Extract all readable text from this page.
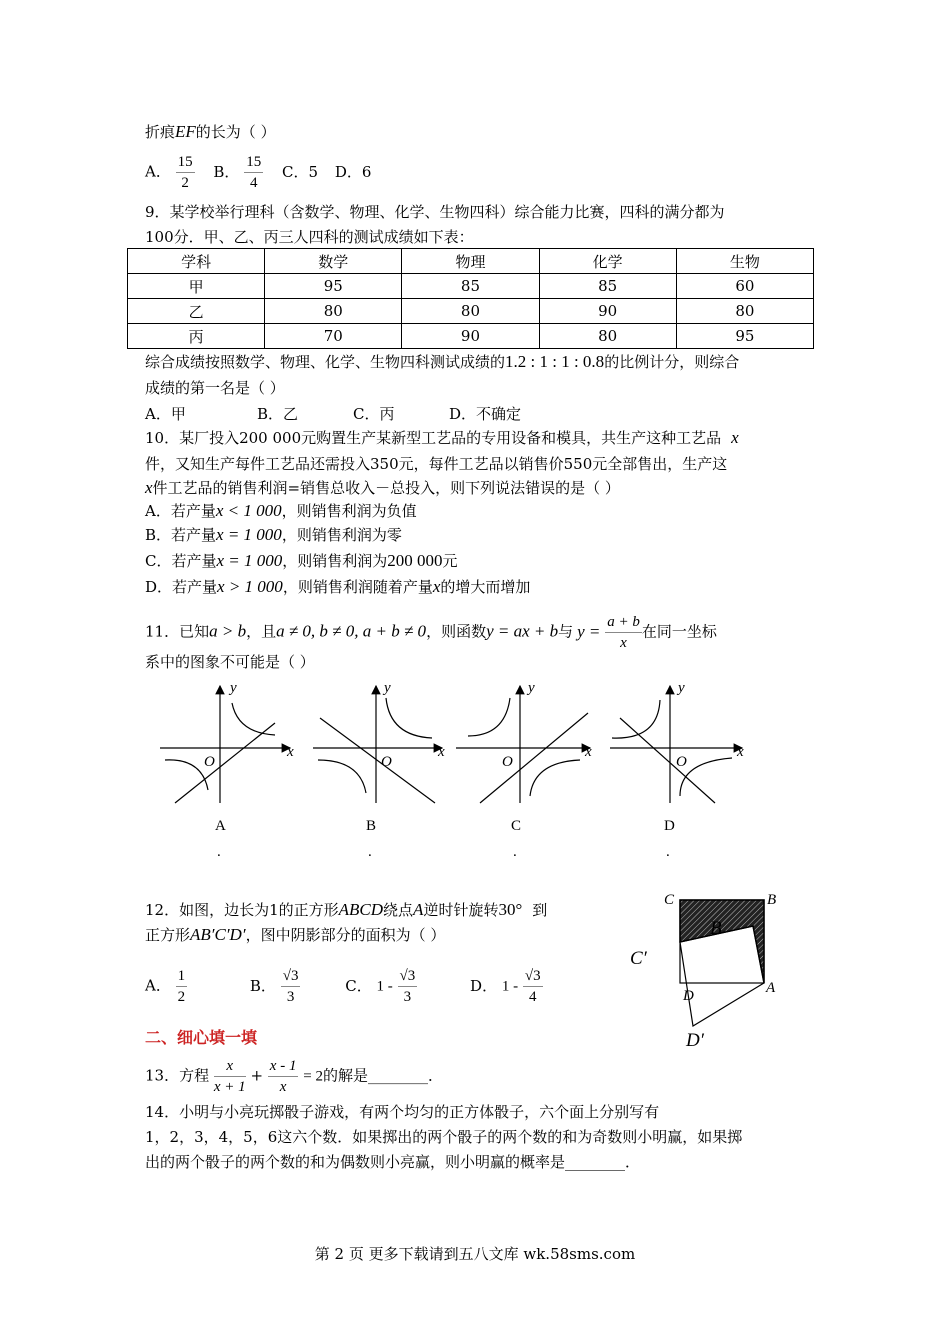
折痕EF的长为（ ）
A． $\frac{15}{2}$ B． $\frac{15}{4}$ C．5 D．6
9．某学校举行理科（含数学、物理、化学、生物四科）综合能力比赛，四科的满分都为
100分．甲、乙、丙三人四科的测试成绩如下表：
学科	数学	物理	化学	生物
甲	95	85	85	60
乙	80	80	90	80
丙	70	90	80	95
综合成绩按照数学、物理、化学、生物四科测试成绩的1.2 : 1 : 1 : 0.8的比例计分，则综合
成绩的第一名是（ ）
A．甲	B．乙	C．丙	D．不确定
10．某厂投入200 000元购置生产某新型工艺品的专用设备和模具，共生产这种工艺品 x
件，又知生产每件工艺品还需投入350元，每件工艺品以销售价550元全部售出，生产这
x件工艺品的销售利润=销售总收入－总投入，则下列说法错误的是（ ）
A．若产量x < 1 000，则销售利润为负值
B．若产量x = 1 000，则销售利润为零
C．若产量x = 1 000，则销售利润为200 000元
D．若产量x > 1 000，则销售利润随着产量x的增大而增加
11．已知a > b，且a ≠ 0, b ≠ 0, a + b ≠ 0，则函数y = ax + b与 $y = \frac{a + b}{x}$ 在同一坐标
系中的图象不可能是（ ）
y
x
O
y
x
O
y
x
O
y
x
O
A	B	C	D
.	.	.	.
12．如图，边长为1的正方形ABCD绕点A逆时针旋转30° 到
正方形AB′C′D′，图中阴影部分的面积为（ ）
A． $\frac{1}{2}$	B． $\frac{√3}{3}$	C． $1 - \frac{√3}{3}$	D． $1 - \frac{√3}{4}$
C	B
B
C′
D	A
D′
二、细心填一填
13．方程 $\frac{x}{x + 1} + \frac{x - 1}{x} = 2$的解是________．
14．小明与小亮玩掷骰子游戏，有两个均匀的正方体骰子，六个面上分别写有
1，2，3，4，5，6这六个数．如果掷出的两个骰子的两个数的和为奇数则小明赢，如果掷
出的两个骰子的两个数的和为偶数则小亮赢，则小明赢的概率是________．
第 2 页 更多下载请到五八文库 wk.58sms.com
